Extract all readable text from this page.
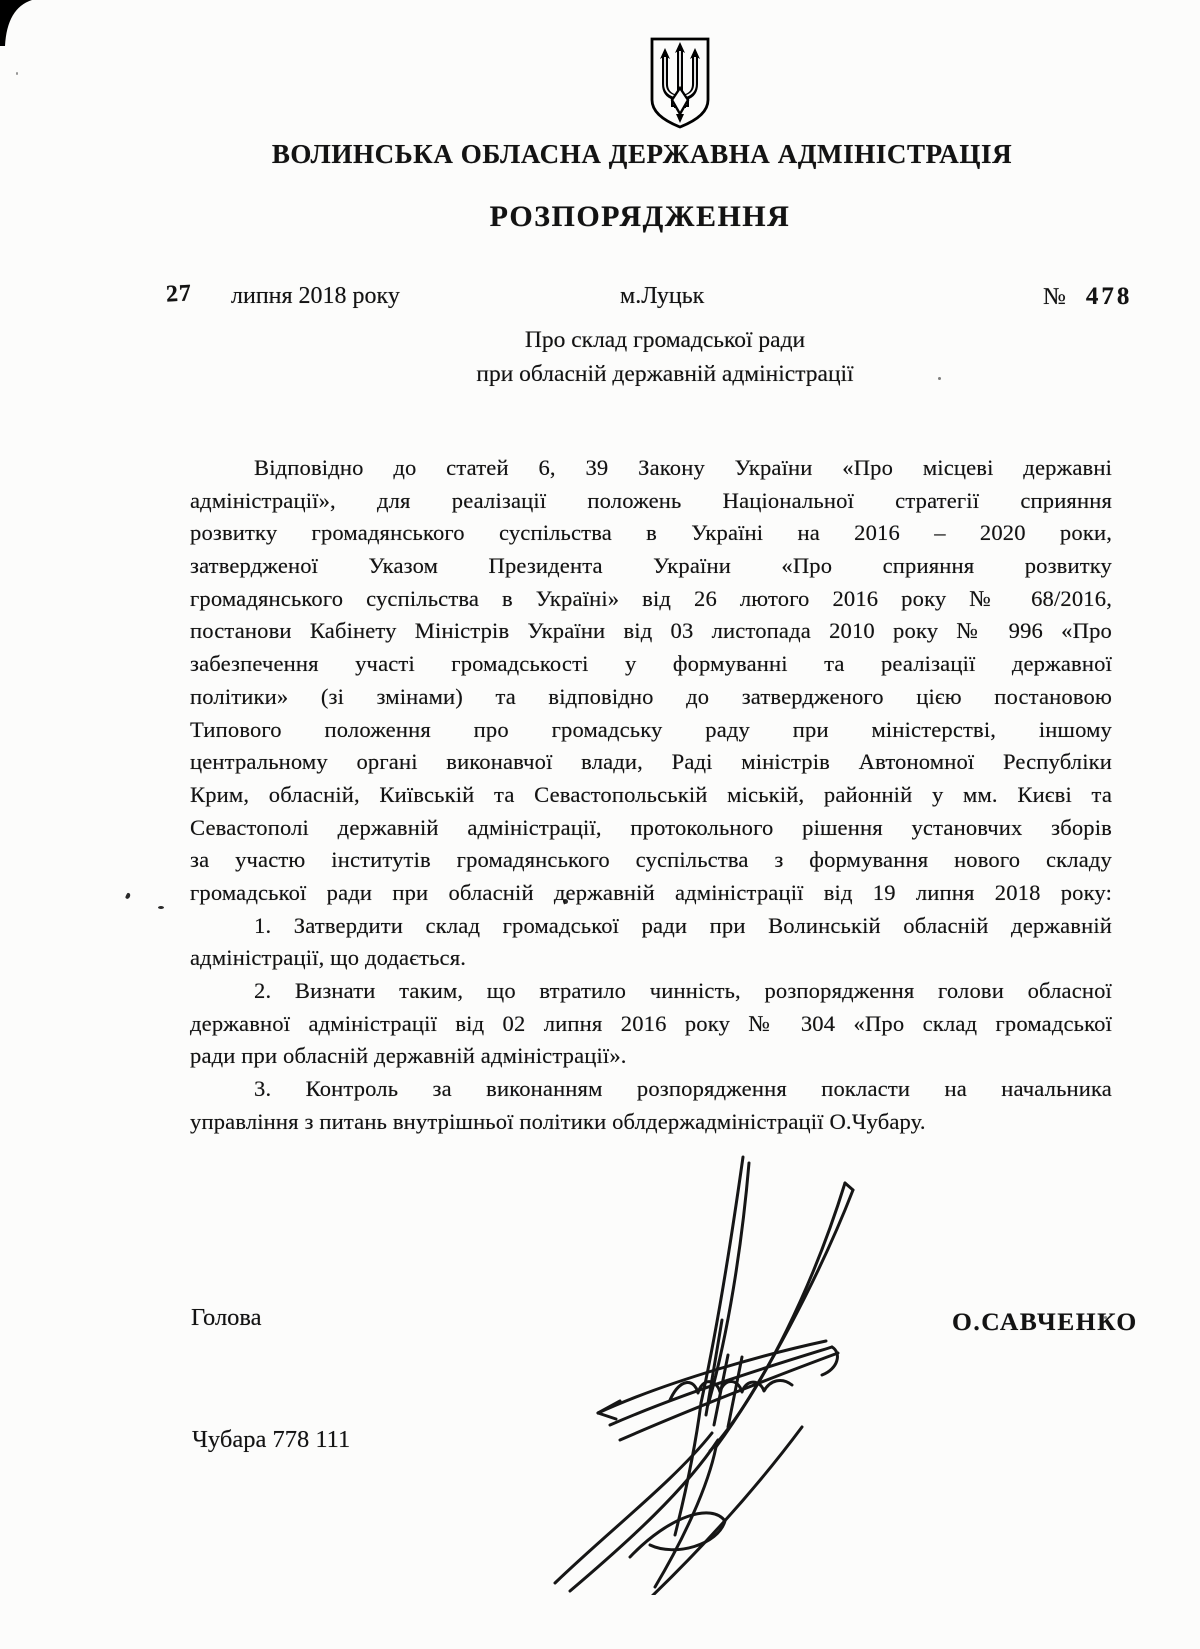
ВОЛИНСЬКА ОБЛАСНА ДЕРЖАВНА АДМІНІСТРАЦІЯ
РОЗПОРЯДЖЕННЯ
27 липня 2018 року	м.Луцьк	№ 478
Про склад громадської ради
при обласній державній адміністрації
Відповідно до статей 6, 39 Закону України «Про місцеві державні
адміністрації», для реалізації положень Національної стратегії сприяння
розвитку громадянського суспільства в Україні на 2016 – 2020 роки,
затвердженої Указом Президента України «Про сприяння розвитку
громадянського суспільства в Україні» від 26 лютого 2016 року № 68/2016,
постанови Кабінету Міністрів України від 03 листопада 2010 року № 996 «Про
забезпечення участі громадськості у формуванні та реалізації державної
політики» (зі змінами) та відповідно до затвердженого цією постановою
Типового положення про громадську раду при міністерстві, іншому
центральному органі виконавчої влади, Раді міністрів Автономної Республіки
Крим, обласній, Київській та Севастопольській міській, районній у мм. Києві та
Севастополі державній адміністрації, протокольного рішення установчих зборів
за участю інститутів громадянського суспільства з формування нового складу
громадської ради при обласній державній адміністрації від 19 липня 2018 року:
1. Затвердити склад громадської ради при Волинській обласній державній
адміністрації, що додається.
2. Визнати таким, що втратило чинність, розпорядження голови обласної
державної адміністрації від 02 липня 2016 року № 304 «Про склад громадської
ради при обласній державній адміністрації».
3. Контроль за виконанням розпорядження покласти на начальника
управління з питань внутрішньої політики облдержадміністрації О.Чубару.
Голова	О.САВЧЕНКО
Чубара 778 111
